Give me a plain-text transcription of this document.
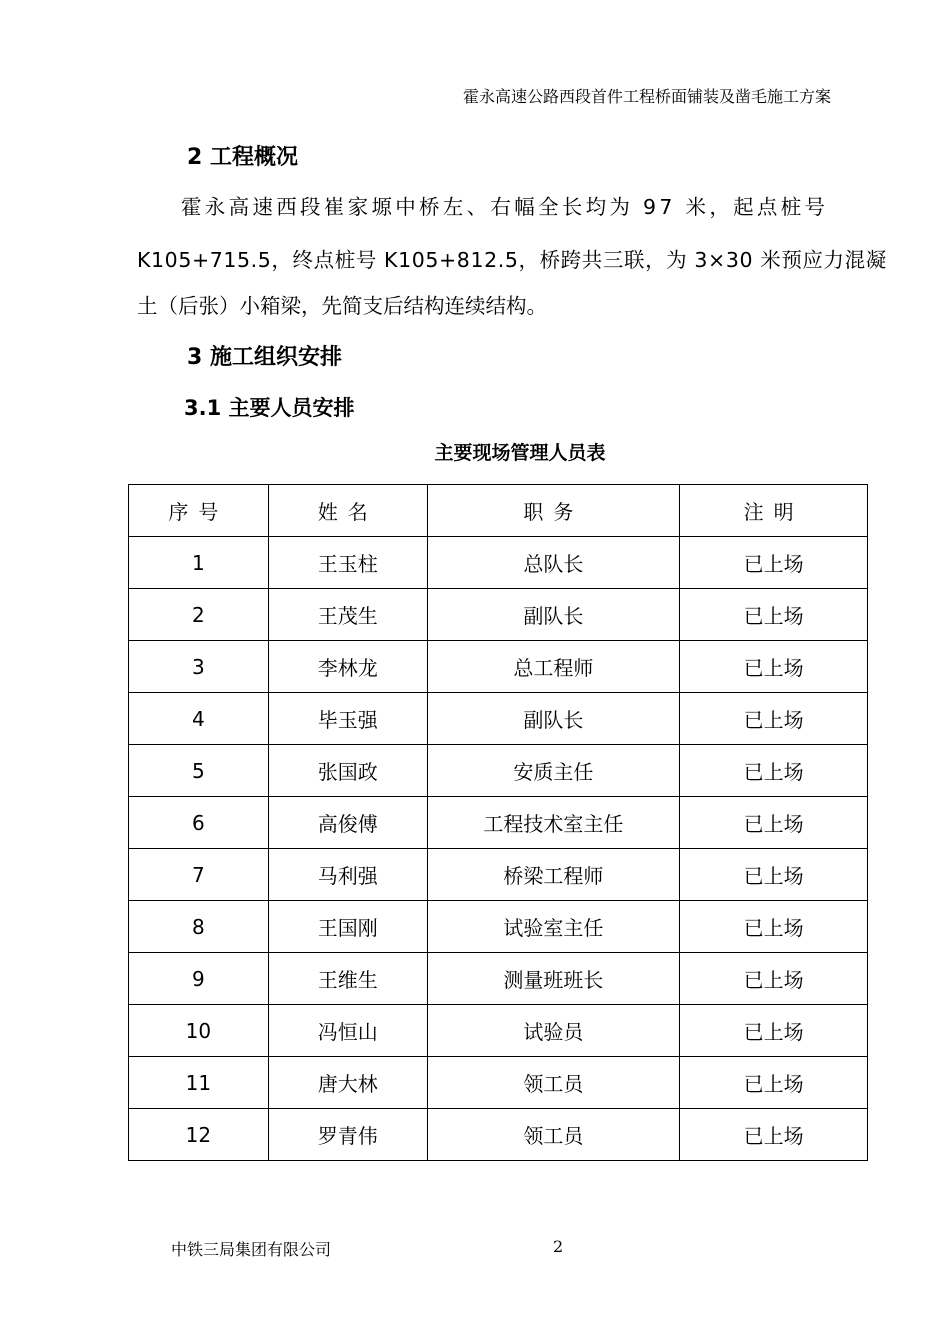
霍永高速公路西段首件工程桥面铺装及凿毛施工方案
2 工程概况
霍永高速西段崔家塬中桥左、右幅全长均为 97 米，起点桩号
K105+715.5，终点桩号 K105+812.5，桥跨共三联，为 3×30 米预应力混凝
土（后张）小箱梁，先简支后结构连续结构。
3 施工组织安排
3.1 主要人员安排
主要现场管理人员表
序号	姓名	职务	注明
1	王玉柱	总队长	已上场
2	王茂生	副队长	已上场
3	李林龙	总工程师	已上场
4	毕玉强	副队长	已上场
5	张国政	安质主任	已上场
6	高俊傅	工程技术室主任	已上场
7	马利强	桥梁工程师	已上场
8	王国刚	试验室主任	已上场
9	王维生	测量班班长	已上场
10	冯恒山	试验员	已上场
11	唐大林	领工员	已上场
12	罗青伟	领工员	已上场
中铁三局集团有限公司	2
